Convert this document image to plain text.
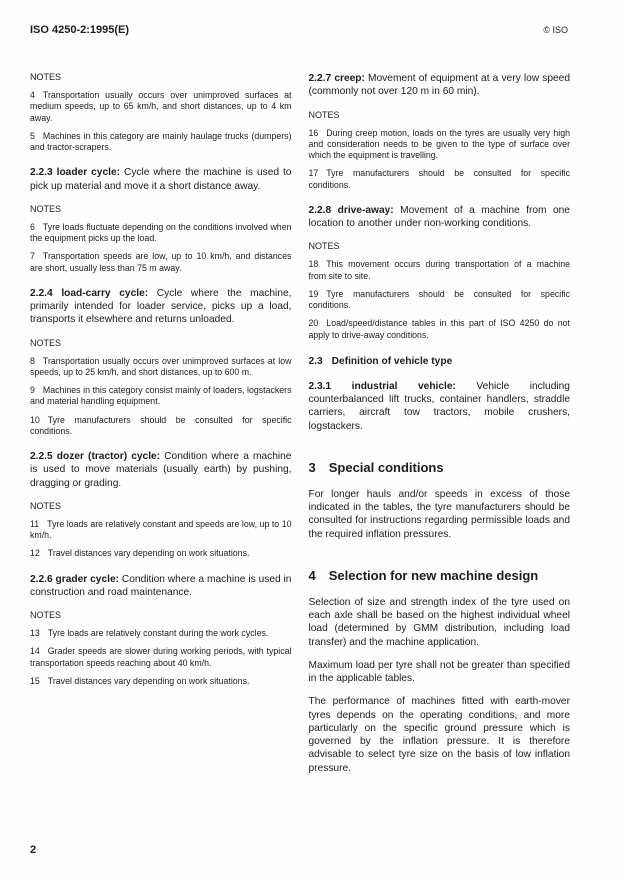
ISO 4250-2:1995(E)	© ISO
NOTES

4 Transportation usually occurs over unimproved surfaces at medium speeds, up to 65 km/h, and short distances, up to 4 km away.

5 Machines in this category are mainly haulage trucks (dumpers) and tractor-scrapers.

2.2.3 loader cycle: Cycle where the machine is used to pick up material and move it a short distance away.

NOTES

6 Tyre loads fluctuate depending on the conditions involved when the equipment picks up the load.

7 Transportation speeds are low, up to 10 km/h, and distances are short, usually less than 75 m away.

2.2.4 load-carry cycle: Cycle where the machine, primarily intended for loader service, picks up a load, transports it elsewhere and returns unloaded.

NOTES

8 Transportation usually occurs over unimproved surfaces at low speeds, up to 25 km/h, and short distances, up to 600 m.

9 Machines in this category consist mainly of loaders, logstackers and material handling equipment.

10 Tyre manufacturers should be consulted for specific conditions.

2.2.5 dozer (tractor) cycle: Condition where a machine is used to move materials (usually earth) by pushing, dragging or grading.

NOTES

11 Tyre loads are relatively constant and speeds are low, up to 10 km/h.

12 Travel distances vary depending on work situations.

2.2.6 grader cycle: Condition where a machine is used in construction and road maintenance.

NOTES

13 Tyre loads are relatively constant during the work cycles.

14 Grader speeds are slower during working periods, with typical transportation speeds reaching about 40 km/h.

15 Travel distances vary depending on work situations.

2.2.7 creep: Movement of equipment at a very low speed (commonly not over 120 m in 60 min).

NOTES

16 During creep motion, loads on the tyres are usually very high and consideration needs to be given to the type of surface over which the equipment is travelling.

17 Tyre manufacturers should be consulted for specific conditions.

2.2.8 drive-away: Movement of a machine from one location to another under non-working conditions.

NOTES

18 This movement occurs during transportation of a machine from site to site.

19 Tyre manufacturers should be consulted for specific conditions.

20 Load/speed/distance tables in this part of ISO 4250 do not apply to drive-away conditions.

2.3 Definition of vehicle type

2.3.1 industrial vehicle: Vehicle including counterbalanced lift trucks, container handlers, straddle carriers, aircraft tow tractors, mobile crushers, logstackers.

3 Special conditions

For longer hauls and/or speeds in excess of those indicated in the tables, the tyre manufacturers should be consulted for instructions regarding permissible loads and the required inflation pressures.

4 Selection for new machine design

Selection of size and strength index of the tyre used on each axle shall be based on the highest individual wheel load (determined by GMM distribution, including load transfer) and the machine application.

Maximum load per tyre shall not be greater than specified in the applicable tables.

The performance of machines fitted with earth-mover tyres depends on the operating conditions, and more particularly on the specific ground pressure which is governed by the inflation pressure. It is therefore advisable to select tyre size on the basis of low inflation pressure.

2
